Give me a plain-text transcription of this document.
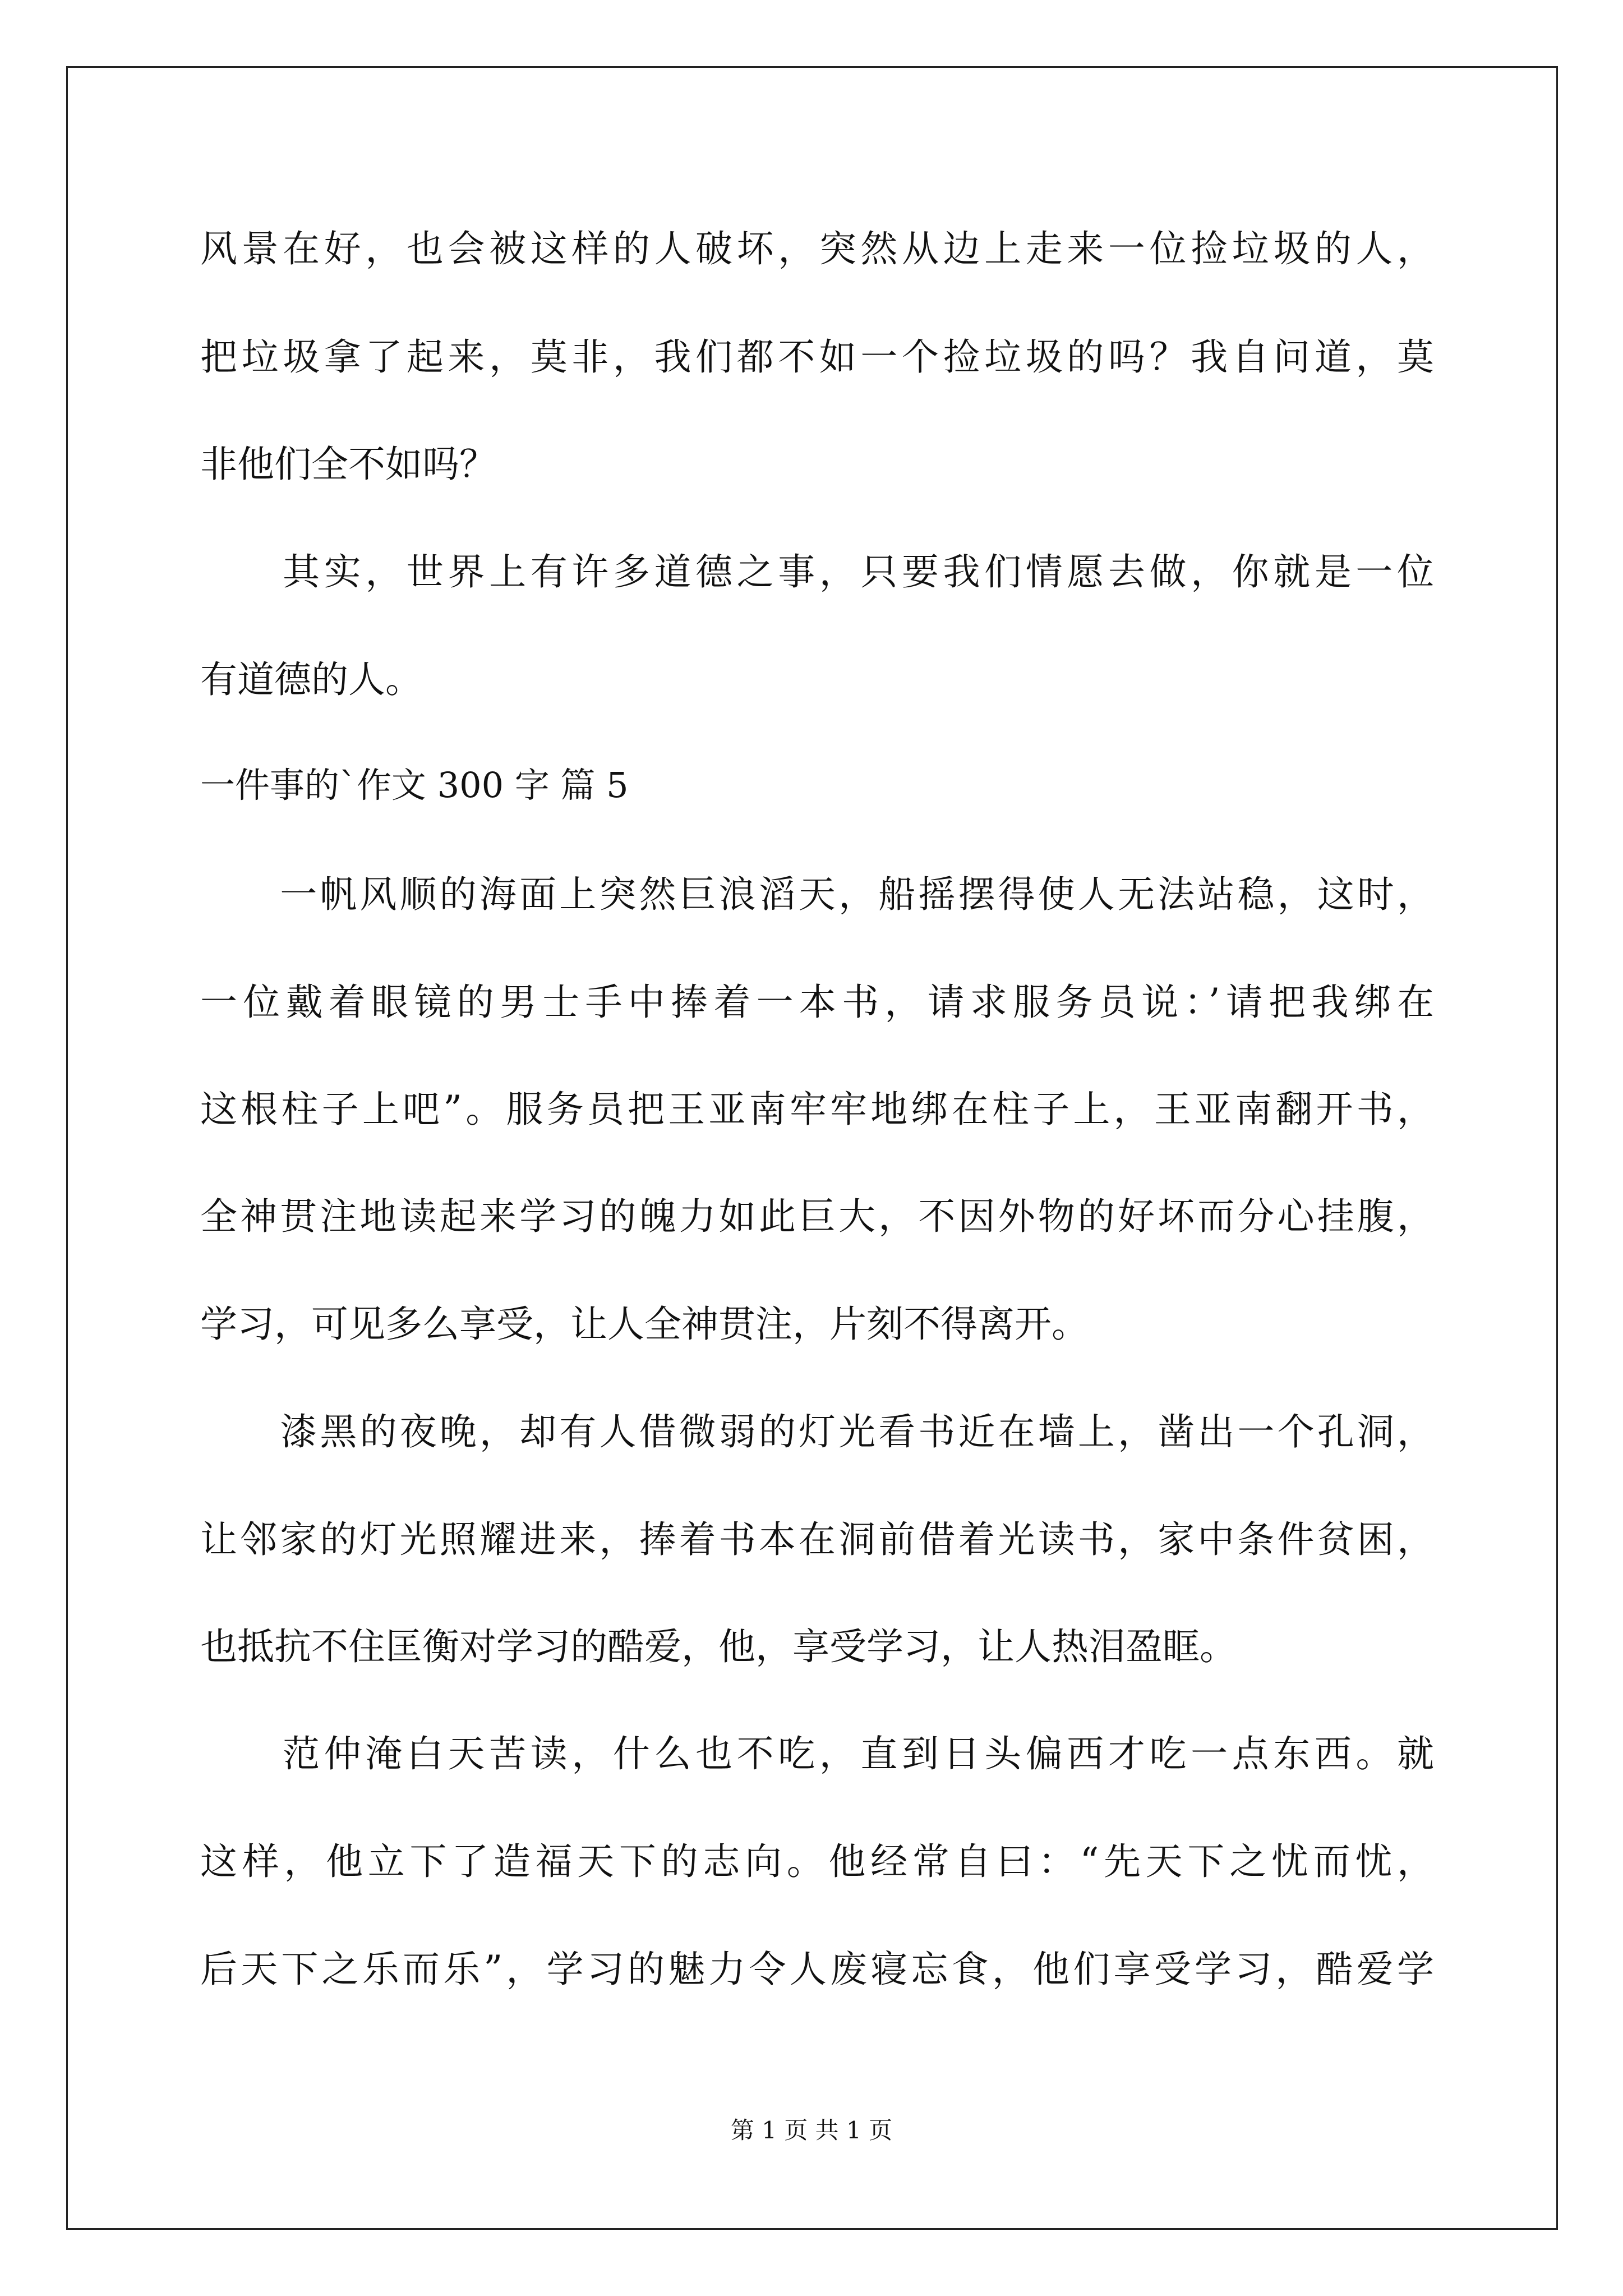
风景在好，也会被这样的人破坏，突然从边上走来一位捡垃圾的人，

把垃圾拿了起来，莫非，我们都不如一个捡垃圾的吗？我自问道，莫

非他们全不如吗？

　　其实，世界上有许多道德之事，只要我们情愿去做，你就是一位

有道德的人。

一件事的`作文 300 字 篇 5

　　一帆风顺的海面上突然巨浪滔天，船摇摆得使人无法站稳，这时，

一位戴着眼镜的男士手中捧着一本书，请求服务员说：’请把我绑在

这根柱子上吧”。服务员把王亚南牢牢地绑在柱子上，王亚南翻开书，

全神贯注地读起来学习的魄力如此巨大，不因外物的好坏而分心挂腹，

学习，可见多么享受，让人全神贯注，片刻不得离开。

　　漆黑的夜晚，却有人借微弱的灯光看书近在墙上，凿出一个孔洞，

让邻家的灯光照耀进来，捧着书本在洞前借着光读书，家中条件贫困，

也抵抗不住匡衡对学习的酷爱，他，享受学习，让人热泪盈眶。

　　范仲淹白天苦读，什么也不吃，直到日头偏西才吃一点东西。就

这样，他立下了造福天下的志向。他经常自曰：“先天下之忧而忧，

后天下之乐而乐”，学习的魅力令人废寝忘食，他们享受学习，酷爱学

第 1 页 共 1 页
